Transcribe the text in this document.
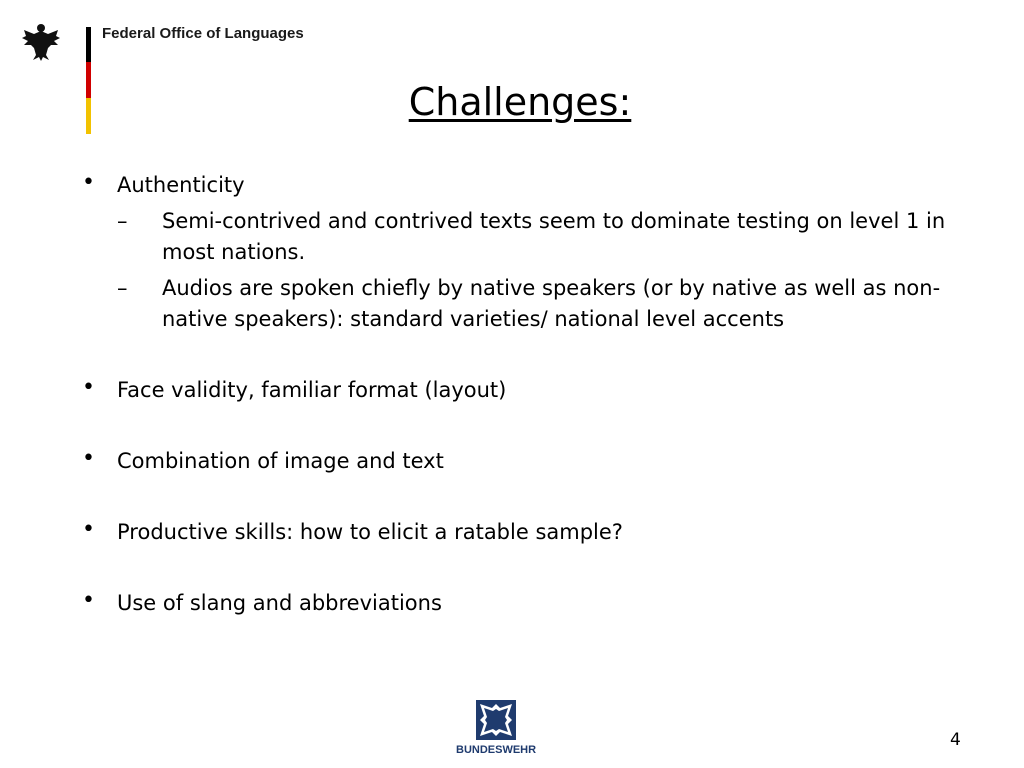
Federal Office of Languages
Challenges:
• Authenticity
– Semi-contrived and contrived texts seem to dominate testing on level 1 in most nations.
– Audios are spoken chiefly by native speakers (or by native as well as non-native speakers): standard varieties/ national level accents
• Face validity, familiar format (layout)
• Combination of image and text
• Productive skills: how to elicit a ratable sample?
• Use of slang and abbreviations
BUNDESWEHR	4
